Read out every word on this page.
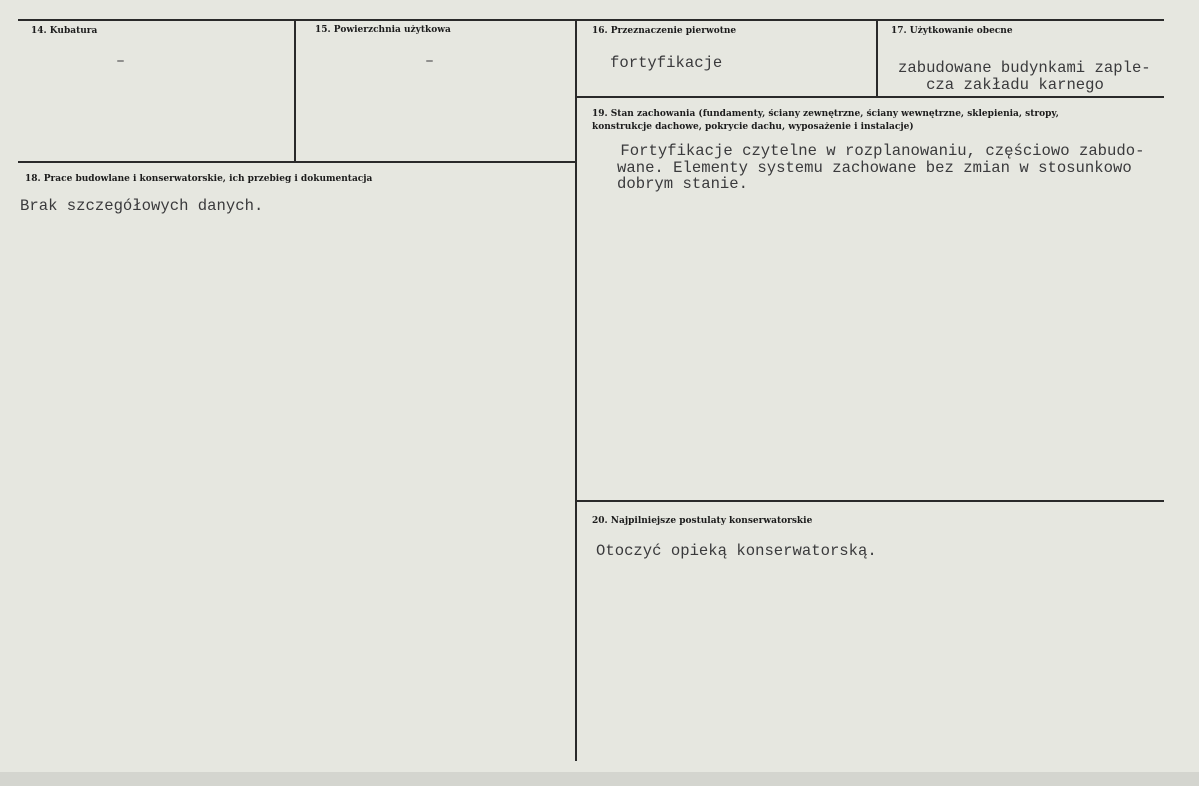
14. Kubatura
–
15. Powierzchnia użytkowa
–
16. Przeznaczenie pierwotne
fortyfikacje
17. Użytkowanie obecne
zabudowane budynkami zaple-
cza zakładu karnego
18. Prace budowlane i konserwatorskie, ich przebieg i dokumentacja
Brak szczegółowych danych.
19. Stan zachowania (fundamenty, ściany zewnętrzne, ściany wewnętrzne, sklepienia, stropy,
konstrukcje dachowe, pokrycie dachu, wyposażenie i instalacje)
Fortyfikacje czytelne w rozplanowaniu, częściowo zabudo-
wane. Elementy systemu zachowane bez zmian w stosunkowo
dobrym stanie.
20. Najpilniejsze postulaty konserwatorskie
Otoczyć opieką konserwatorską.
